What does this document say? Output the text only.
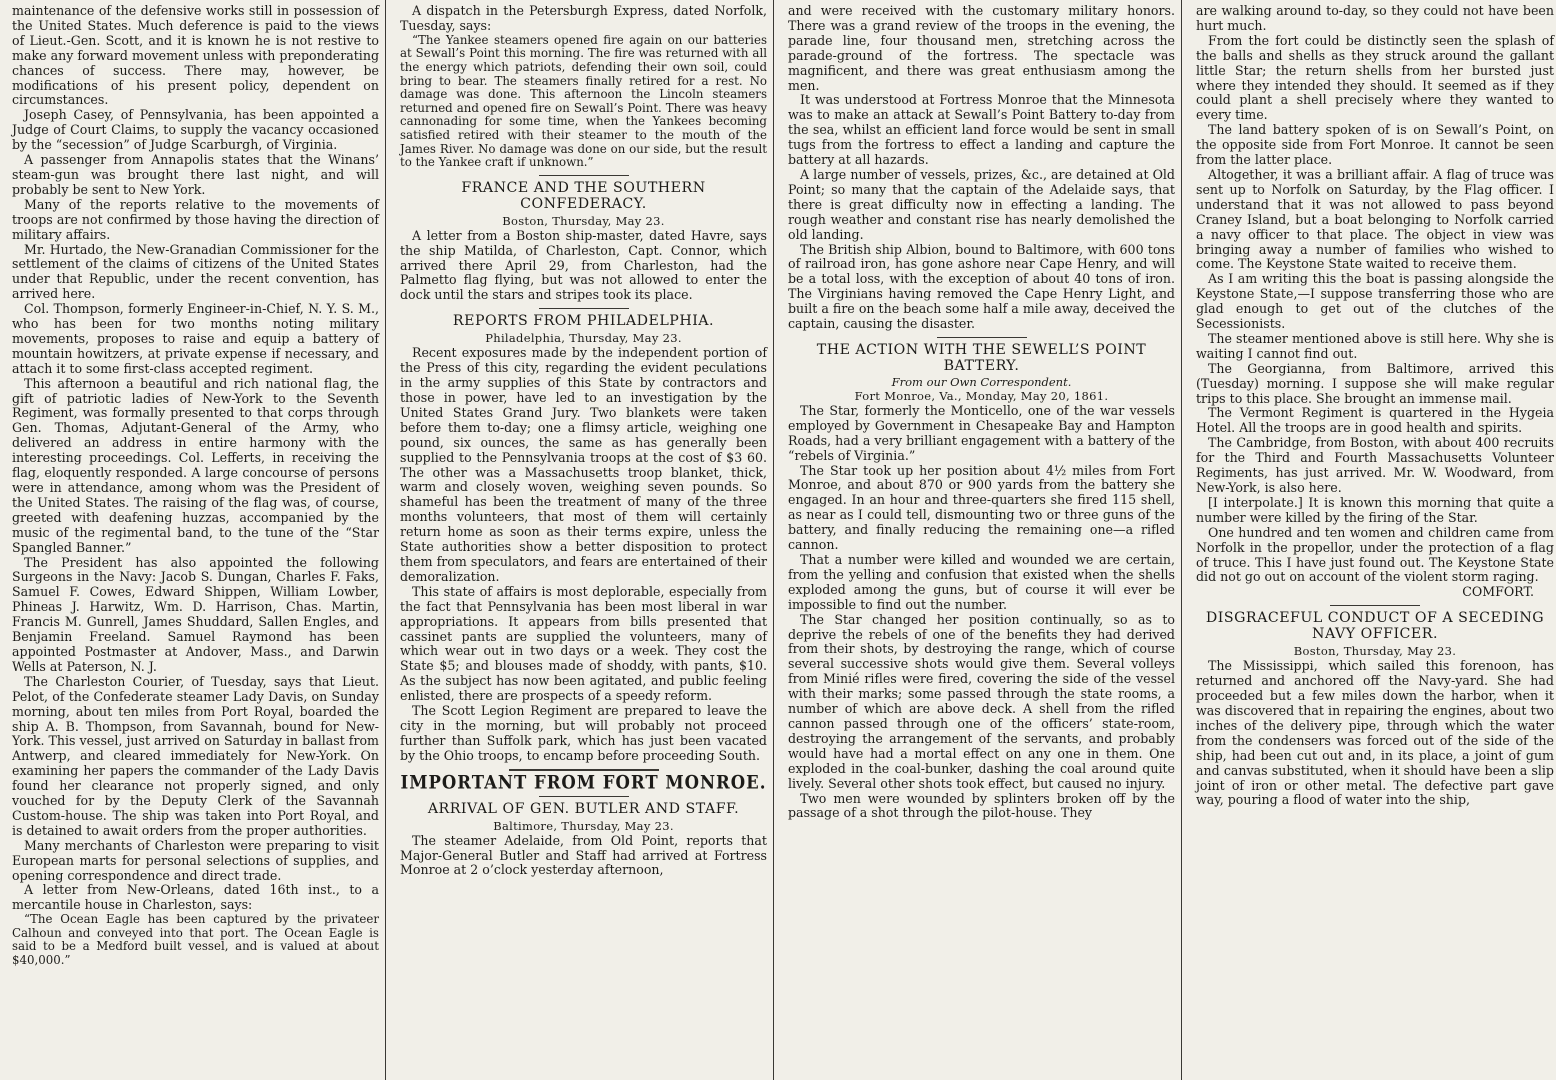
maintenance of the defensive works still in possession of the United States. Much deference is paid to the views of Lieut.-Gen. Scott, and it is known he is not restive to make any forward movement unless with preponderating chances of success. There may, however, be modifications of his present policy, dependent on circumstances.

Joseph Casey, of Pennsylvania, has been appointed a Judge of Court Claims, to supply the vacancy occasioned by the “secession” of Judge Scarburgh, of Virginia.

A passenger from Annapolis states that the Winans’ steam-gun was brought there last night, and will probably be sent to New York.

Many of the reports relative to the movements of troops are not confirmed by those having the direction of military affairs.

Mr. Hurtado, the New-Granadian Commissioner for the settlement of the claims of citizens of the United States under that Republic, under the recent convention, has arrived here.

Col. Thompson, formerly Engineer-in-Chief, N. Y. S. M., who has been for two months noting military movements, proposes to raise and equip a battery of mountain howitzers, at private expense if necessary, and attach it to some first-class accepted regiment.

This afternoon a beautiful and rich national flag, the gift of patriotic ladies of New-York to the Seventh Regiment, was formally presented to that corps through Gen. Thomas, Adjutant-General of the Army, who delivered an address in entire harmony with the interesting proceedings. Col. Lefferts, in receiving the flag, eloquently responded. A large concourse of persons were in attendance, among whom was the President of the United States. The raising of the flag was, of course, greeted with deafening huzzas, accompanied by the music of the regimental band, to the tune of the “Star Spangled Banner.”

The President has also appointed the following Surgeons in the Navy: Jacob S. Dungan, Charles F. Faks, Samuel F. Cowes, Edward Shippen, William Lowber, Phineas J. Harwitz, Wm. D. Harrison, Chas. Martin, Francis M. Gunrell, James Shuddard, Sallen Engles, and Benjamin Freeland. Samuel Raymond has been appointed Postmaster at Andover, Mass., and Darwin Wells at Paterson, N. J.

The Charleston Courier, of Tuesday, says that Lieut. Pelot, of the Confederate steamer Lady Davis, on Sunday morning, about ten miles from Port Royal, boarded the ship A. B. Thompson, from Savannah, bound for New-York. This vessel, just arrived on Saturday in ballast from Antwerp, and cleared immediately for New-York. On examining her papers the commander of the Lady Davis found her clearance not properly signed, and only vouched for by the Deputy Clerk of the Savannah Custom-house. The ship was taken into Port Royal, and is detained to await orders from the proper authorities.

Many merchants of Charleston were preparing to visit European marts for personal selections of supplies, and opening correspondence and direct trade.

A letter from New-Orleans, dated 16th inst., to a mercantile house in Charleston, says:

“The Ocean Eagle has been captured by the privateer Calhoun and conveyed into that port. The Ocean Eagle is said to be a Medford built vessel, and is valued at about $40,000.”

A dispatch in the Petersburgh Express, dated Norfolk, Tuesday, says:

“The Yankee steamers opened fire again on our batteries at Sewall’s Point this morning. The fire was returned with all the energy which patriots, defending their own soil, could bring to bear. The steamers finally retired for a rest. No damage was done. This afternoon the Lincoln steamers returned and opened fire on Sewall’s Point. There was heavy cannonading for some time, when the Yankees becoming satisfied retired with their steamer to the mouth of the James River. No damage was done on our side, but the result to the Yankee craft if unknown.”

FRANCE AND THE SOUTHERN CONFEDERACY.
Boston, Thursday, May 23.

A letter from a Boston ship-master, dated Havre, says the ship Matilda, of Charleston, Capt. Connor, which arrived there April 29, from Charleston, had the Palmetto flag flying, but was not allowed to enter the dock until the stars and stripes took its place.

REPORTS FROM PHILADELPHIA.
Philadelphia, Thursday, May 23.

Recent exposures made by the independent portion of the Press of this city, regarding the evident peculations in the army supplies of this State by contractors and those in power, have led to an investigation by the United States Grand Jury. Two blankets were taken before them to-day; one a flimsy article, weighing one pound, six ounces, the same as has generally been supplied to the Pennsylvania troops at the cost of $3 60. The other was a Massachusetts troop blanket, thick, warm and closely woven, weighing seven pounds. So shameful has been the treatment of many of the three months volunteers, that most of them will certainly return home as soon as their terms expire, unless the State authorities show a better disposition to protect them from speculators, and fears are entertained of their demoralization.

This state of affairs is most deplorable, especially from the fact that Pennsylvania has been most liberal in war appropriations. It appears from bills presented that cassinet pants are supplied the volunteers, many of which wear out in two days or a week. They cost the State $5; and blouses made of shoddy, with pants, $10. As the subject has now been agitated, and public feeling enlisted, there are prospects of a speedy reform.

The Scott Legion Regiment are prepared to leave the city in the morning, but will probably not proceed further than Suffolk park, which has just been vacated by the Ohio troops, to encamp before proceeding South.

IMPORTANT FROM FORT MONROE.
ARRIVAL OF GEN. BUTLER AND STAFF.
Baltimore, Thursday, May 23.

The steamer Adelaide, from Old Point, reports that Major-General Butler and Staff had arrived at Fortress Monroe at 2 o’clock yesterday afternoon,

and were received with the customary military honors. There was a grand review of the troops in the evening, the parade line, four thousand men, stretching across the parade-ground of the fortress. The spectacle was magnificent, and there was great enthusiasm among the men.

It was understood at Fortress Monroe that the Minnesota was to make an attack at Sewall’s Point Battery to-day from the sea, whilst an efficient land force would be sent in small tugs from the fortress to effect a landing and capture the battery at all hazards.

A large number of vessels, prizes, &c., are detained at Old Point; so many that the captain of the Adelaide says, that there is great difficulty now in effecting a landing. The rough weather and constant rise has nearly demolished the old landing.

The British ship Albion, bound to Baltimore, with 600 tons of railroad iron, has gone ashore near Cape Henry, and will be a total loss, with the exception of about 40 tons of iron. The Virginians having removed the Cape Henry Light, and built a fire on the beach some half a mile away, deceived the captain, causing the disaster.

THE ACTION WITH THE SEWELL’S POINT BATTERY.
From our Own Correspondent.
Fort Monroe, Va., Monday, May 20, 1861.

The Star, formerly the Monticello, one of the war vessels employed by Government in Chesapeake Bay and Hampton Roads, had a very brilliant engagement with a battery of the “rebels of Virginia.”

The Star took up her position about 4½ miles from Fort Monroe, and about 870 or 900 yards from the battery she engaged. In an hour and three-quarters she fired 115 shell, as near as I could tell, dismounting two or three guns of the battery, and finally reducing the remaining one—a rifled cannon.

That a number were killed and wounded we are certain, from the yelling and confusion that existed when the shells exploded among the guns, but of course it will ever be impossible to find out the number.

The Star changed her position continually, so as to deprive the rebels of one of the benefits they had derived from their shots, by destroying the range, which of course several successive shots would give them. Several volleys from Minié rifles were fired, covering the side of the vessel with their marks; some passed through the state rooms, a number of which are above deck. A shell from the rifled cannon passed through one of the officers’ state-room, destroying the arrangement of the servants, and probably would have had a mortal effect on any one in them. One exploded in the coal-bunker, dashing the coal around quite lively. Several other shots took effect, but caused no injury.

Two men were wounded by splinters broken off by the passage of a shot through the pilot-house. They

are walking around to-day, so they could not have been hurt much.

From the fort could be distinctly seen the splash of the balls and shells as they struck around the gallant little Star; the return shells from her bursted just where they intended they should. It seemed as if they could plant a shell precisely where they wanted to every time.

The land battery spoken of is on Sewall’s Point, on the opposite side from Fort Monroe. It cannot be seen from the latter place.

Altogether, it was a brilliant affair. A flag of truce was sent up to Norfolk on Saturday, by the Flag officer. I understand that it was not allowed to pass beyond Craney Island, but a boat belonging to Norfolk carried a navy officer to that place. The object in view was bringing away a number of families who wished to come. The Keystone State waited to receive them.

As I am writing this the boat is passing alongside the Keystone State,—I suppose transferring those who are glad enough to get out of the clutches of the Secessionists.

The steamer mentioned above is still here. Why she is waiting I cannot find out.

The Georgianna, from Baltimore, arrived this (Tuesday) morning. I suppose she will make regular trips to this place. She brought an immense mail.

The Vermont Regiment is quartered in the Hygeia Hotel. All the troops are in good health and spirits.

The Cambridge, from Boston, with about 400 recruits for the Third and Fourth Massachusetts Volunteer Regiments, has just arrived. Mr. W. Woodward, from New-York, is also here.

[I interpolate.] It is known this morning that quite a number were killed by the firing of the Star.

One hundred and ten women and children came from Norfolk in the propellor, under the protection of a flag of truce. This I have just found out. The Keystone State did not go out on account of the violent storm raging.

COMFORT.

DISGRACEFUL CONDUCT OF A SECEDING NAVY OFFICER.
Boston, Thursday, May 23.

The Mississippi, which sailed this forenoon, has returned and anchored off the Navy-yard. She had proceeded but a few miles down the harbor, when it was discovered that in repairing the engines, about two inches of the delivery pipe, through which the water from the condensers was forced out of the side of the ship, had been cut out and, in its place, a joint of gum and canvas substituted, when it should have been a slip joint of iron or other metal. The defective part gave way, pouring a flood of water into the ship,
